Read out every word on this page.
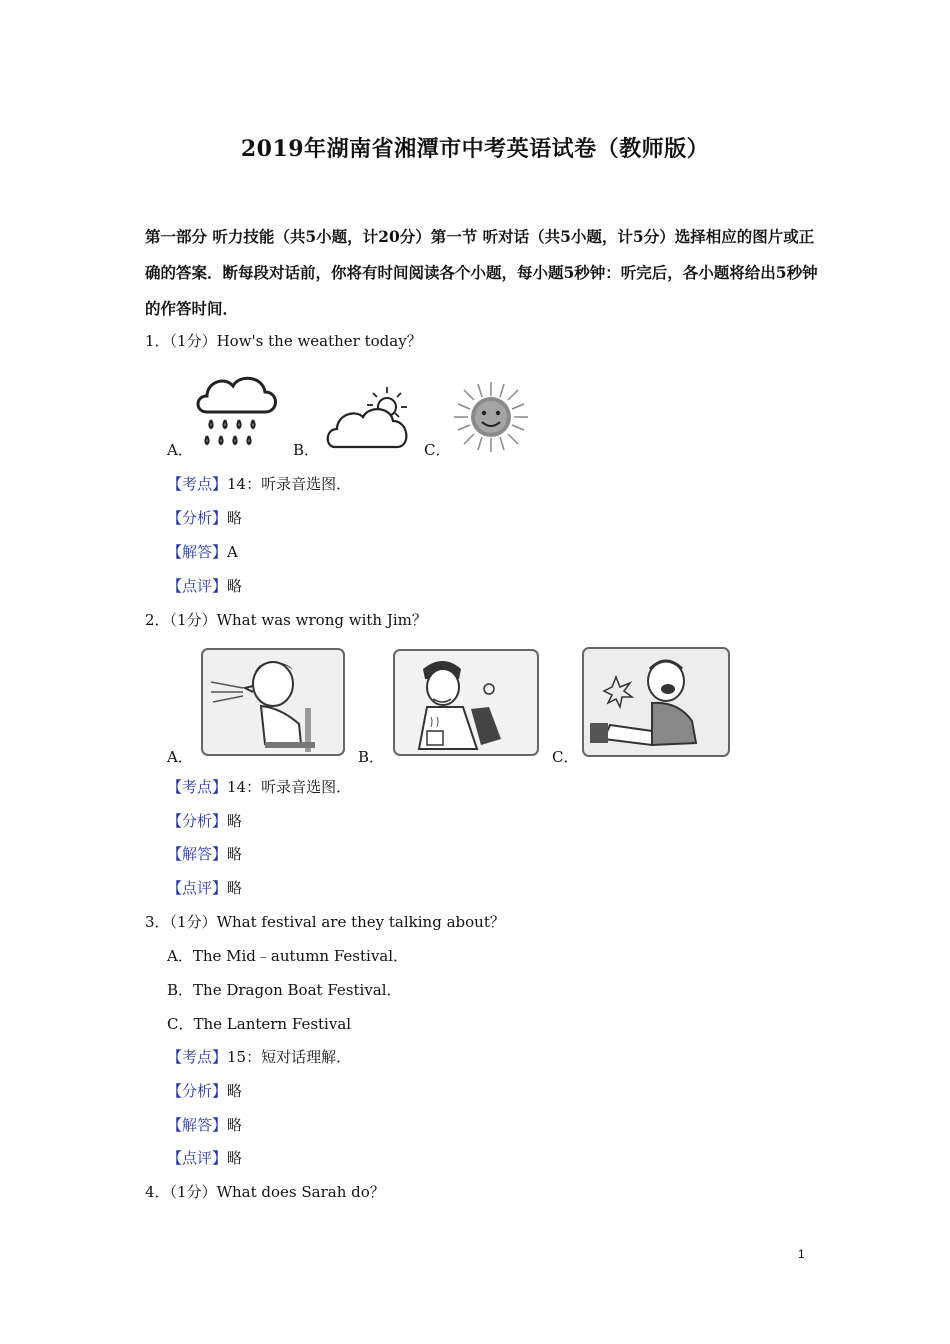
2019年湖南省湘潭市中考英语试卷（教师版）
第一部分 听力技能（共5小题，计20分）第一节 听对话（共5小题，计5分）选择相应的图片或正确的答案．断每段对话前，你将有时间阅读各个小题，每小题5秒钟：听完后，各小题将给出5秒钟的作答时间．
1．（1分）How's the weather today？
A．	B．	C．
【考点】14：听录音选图．
【分析】略
【解答】A
【点评】略
2．（1分）What was wrong with Jim？
A．	B．	C．
【考点】14：听录音选图．
【分析】略
【解答】略
【点评】略
3．（1分）What festival are they talking about？
A．The Mid﹣autumn Festival．
B．The Dragon Boat Festival．
C．The Lantern Festival
【考点】15：短对话理解．
【分析】略
【解答】略
【点评】略
4．（1分）What does Sarah do？
1
